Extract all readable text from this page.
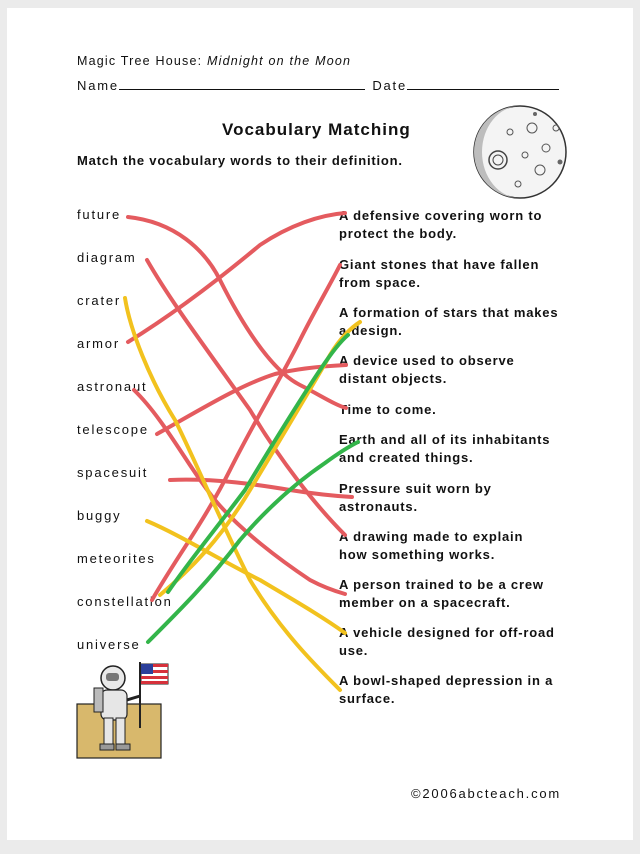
Magic Tree House: Midnight on the Moon
Name	Date
Vocabulary Matching
Match the vocabulary words to their definition.
future
diagram
crater
armor
astronaut
telescope
spacesuit
buggy
meteorites
constellation
universe
A defensive covering worn to
protect the body.
Giant stones that have fallen
from space.
A formation of stars that makes
a design.
A device used to observe
distant objects.
Time to come.
Earth and all of its inhabitants
and created things.
Pressure suit worn by
astronauts.
A drawing made to explain
how something works.
A person trained to be a crew
member on a spacecraft.
A vehicle designed for off-road
use.
A bowl-shaped depression in a
surface.
©2006abcteach.com
